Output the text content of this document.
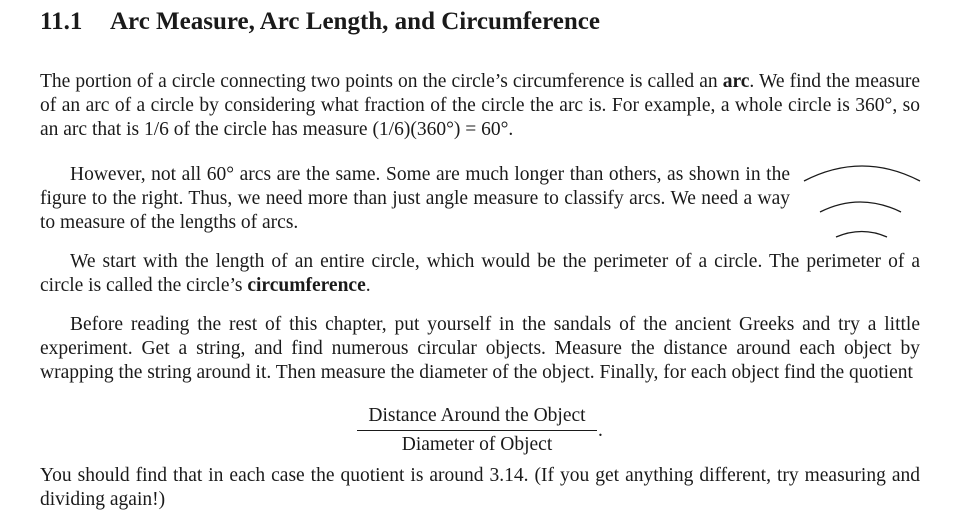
11.1 Arc Measure, Arc Length, and Circumference

The portion of a circle connecting two points on the circle’s circumference is called an arc. We find the measure of an arc of a circle by considering what fraction of the circle the arc is. For example, a whole circle is 360°, so an arc that is 1/6 of the circle has measure (1/6)(360°) = 60°.

However, not all 60° arcs are the same. Some are much longer than others, as shown in the figure to the right. Thus, we need more than just angle measure to classify arcs. We need a way to measure of the lengths of arcs.

We start with the length of an entire circle, which would be the perimeter of a circle. The perimeter of a circle is called the circle’s circumference.

Before reading the rest of this chapter, put yourself in the sandals of the ancient Greeks and try a little experiment. Get a string, and find numerous circular objects. Measure the distance around each object by wrapping the string around it. Then measure the diameter of the object. Finally, for each object find the quotient

Distance Around the Object
Diameter of Object
.

You should find that in each case the quotient is around 3.14. (If you get anything different, try measuring and dividing again!)
